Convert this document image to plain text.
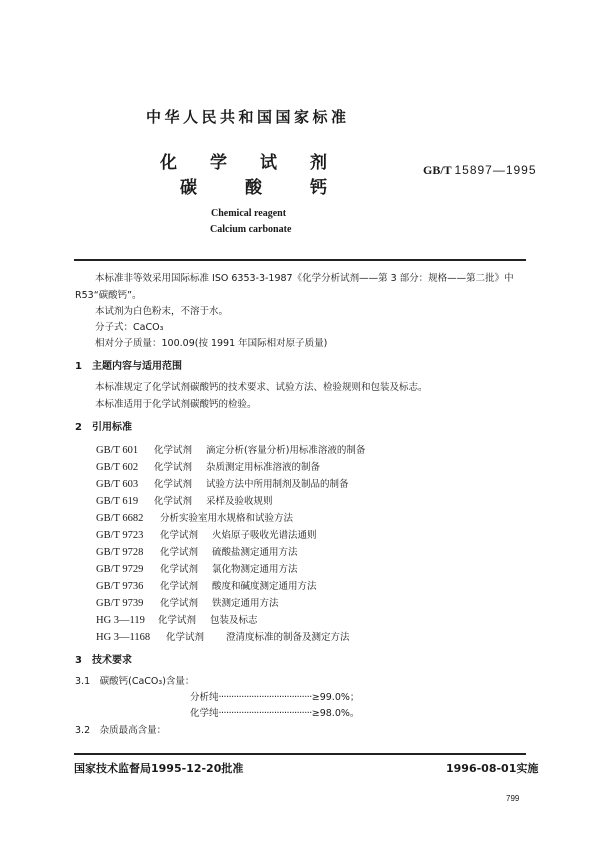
中华人民共和国国家标准
化 学 试 剂
碳	酸	钙
GB/T 15897—1995
Chemical reagent
Calcium carbonate
本标准非等效采用国际标准 ISO 6353-3-1987《化学分析试剂——第 3 部分：规格——第二批》中
R53“碳酸钙”。
本试剂为白色粉末，不溶于水。
分子式：CaCO₃
相对分子质量：100.09(按 1991 年国际相对原子质量)
1　主题内容与适用范围
本标准规定了化学试剂碳酸钙的技术要求、试验方法、检验规则和包装及标志。
本标准适用于化学试剂碳酸钙的检验。
2　引用标准
GB/T 601 化学试剂 滴定分析(容量分析)用标准溶液的制备
GB/T 602 化学试剂 杂质测定用标准溶液的制备
GB/T 603 化学试剂 试验方法中所用制剂及制品的制备
GB/T 619 化学试剂 采样及验收规则
GB/T 6682 分析实验室用水规格和试验方法
GB/T 9723 化学试剂 火焰原子吸收光谱法通则
GB/T 9728 化学试剂 硫酸盐测定通用方法
GB/T 9729 化学试剂 氯化物测定通用方法
GB/T 9736 化学试剂 酸度和碱度测定通用方法
GB/T 9739 化学试剂 铁测定通用方法
HG 3—119 化学试剂 包装及标志
HG 3—1168 化学试剂 澄清度标准的制备及测定方法
3　技术要求
3.1　碳酸钙(CaCO₃)含量：
分析纯·····································≥99.0%；
化学纯·····································≥98.0%。
3.2　杂质最高含量：
国家技术监督局1995-12-20批准	1996-08-01实施
799
